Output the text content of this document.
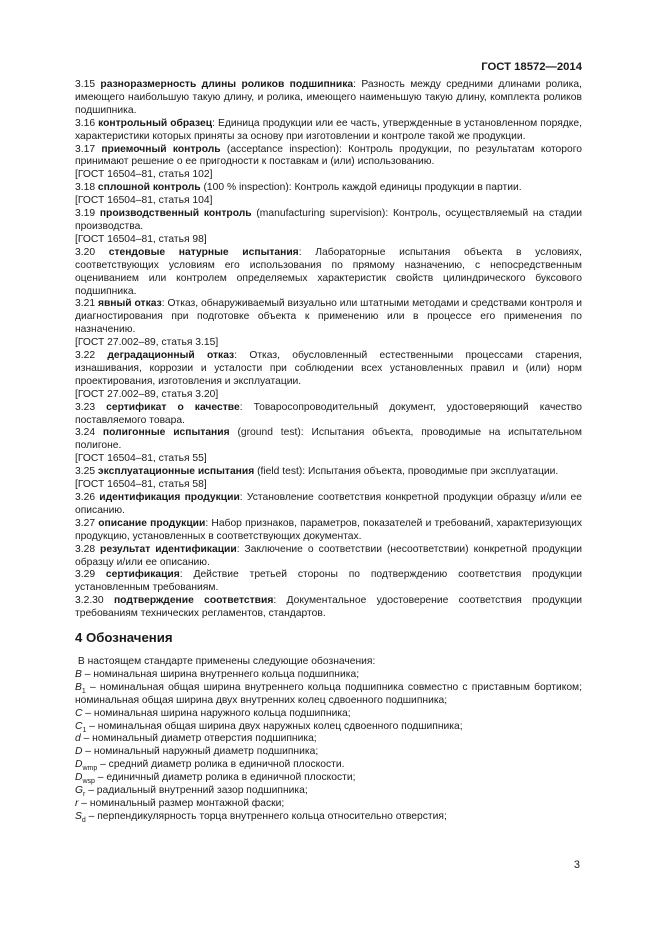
ГОСТ 18572—2014

3.15 разноразмерность длины роликов подшипника: Разность между средними длинами ролика, имеющего наибольшую такую длину, и ролика, имеющего наименьшую такую длину, комплекта роликов подшипника.

3.16 контрольный образец: Единица продукции или ее часть, утвержденные в установленном порядке, характеристики которых приняты за основу при изготовлении и контроле такой же продукции.

3.17 приемочный контроль (acceptance inspection): Контроль продукции, по результатам которого принимают решение о ее пригодности к поставкам и (или) использованию.

[ГОСТ 16504–81, статья 102]

3.18 сплошной контроль (100 % inspection): Контроль каждой единицы продукции в партии.

[ГОСТ 16504–81, статья 104]

3.19 производственный контроль (manufacturing supervision): Контроль, осуществляемый на стадии производства.

[ГОСТ 16504–81, статья 98]

3.20 стендовые натурные испытания: Лабораторные испытания объекта в условиях, соответствующих условиям его использования по прямому назначению, с непосредственным оцениванием или контролем определяемых характеристик свойств цилиндрического буксового подшипника.

3.21 явный отказ: Отказ, обнаруживаемый визуально или штатными методами и средствами контроля и диагностирования при подготовке объекта к применению или в процессе его применения по назначению.

[ГОСТ 27.002–89, статья 3.15]

3.22 деградационный отказ: Отказ, обусловленный естественными процессами старения, изнашивания, коррозии и усталости при соблюдении всех установленных правил и (или) норм проектирования, изготовления и эксплуатации.

[ГОСТ 27.002–89, статья 3.20]

3.23 сертификат о качестве: Товаросопроводительный документ, удостоверяющий качество поставляемого товара.

3.24 полигонные испытания (ground test): Испытания объекта, проводимые на испытательном полигоне.

[ГОСТ 16504–81, статья 55]

3.25 эксплуатационные испытания (field test): Испытания объекта, проводимые при эксплуатации.

[ГОСТ 16504–81, статья 58]

3.26 идентификация продукции: Установление соответствия конкретной продукции образцу и/или ее описанию.

3.27 описание продукции: Набор признаков, параметров, показателей и требований, характеризующих продукцию, установленных в соответствующих документах.

3.28 результат идентификации: Заключение о соответствии (несоответствии) конкретной продукции образцу и/или ее описанию.

3.29 сертификация: Действие третьей стороны по подтверждению соответствия продукции установленным требованиям.

3.2.30 подтверждение соответствия: Документальное удостоверение соответствия продукции требованиям технических регламентов, стандартов.

4 Обозначения

В настоящем стандарте применены следующие обозначения:

B – номинальная ширина внутреннего кольца подшипника;

$B_1$ – номинальная общая ширина внутреннего кольца подшипника совместно с приставным бортиком; номинальная общая ширина двух внутренних колец сдвоенного подшипника;

C – номинальная ширина наружного кольца подшипника;

$C_1$ – номинальная общая ширина двух наружных колец сдвоенного подшипника;

d – номинальный диаметр отверстия подшипника;

D – номинальный наружный диаметр подшипника;

$D_{wmp}$ – средний диаметр ролика в единичной плоскости.

$D_{wsp}$ – единичный диаметр ролика в единичной плоскости;

$G_r$ – радиальный внутренний зазор подшипника;

r – номинальный размер монтажной фаски;

$S_d$ – перпендикулярность торца внутреннего кольца относительно отверстия;

3
